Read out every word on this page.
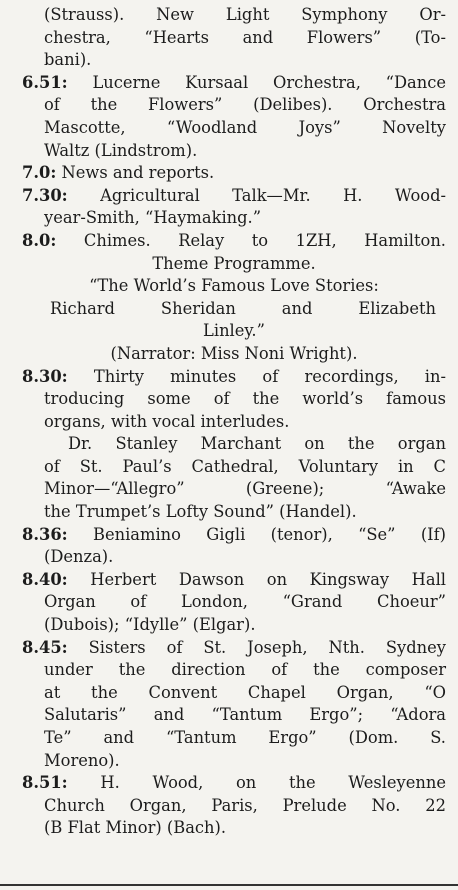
(Strauss). New Light Symphony Or-
chestra, “Hearts and Flowers” (To-
bani).
6.51: Lucerne Kursaal Orchestra, “Dance
of the Flowers” (Delibes). Orchestra
Mascotte, “Woodland Joys” Novelty
Waltz (Lindstrom).
7.0: News and reports.
7.30: Agricultural Talk—Mr. H. Wood-
year-Smith, “Haymaking.”
8.0: Chimes. Relay to 1ZH, Hamilton.
Theme Programme.
“The World’s Famous Love Stories:
Richard Sheridan and Elizabeth
Linley.”
(Narrator: Miss Noni Wright).
8.30: Thirty minutes of recordings, in-
troducing some of the world’s famous
organs, with vocal interludes.
Dr. Stanley Marchant on the organ
of St. Paul’s Cathedral, Voluntary in C
Minor—“Allegro” (Greene); “Awake
the Trumpet’s Lofty Sound” (Handel).
8.36: Beniamino Gigli (tenor), “Se” (If)
(Denza).
8.40: Herbert Dawson on Kingsway Hall
Organ of London, “Grand Choeur”
(Dubois); “Idylle” (Elgar).
8.45: Sisters of St. Joseph, Nth. Sydney
under the direction of the composer
at the Convent Chapel Organ, “O
Salutaris” and “Tantum Ergo”; “Adora
Te” and “Tantum Ergo” (Dom. S.
Moreno).
8.51: H. Wood, on the Wesleyenne
Church Organ, Paris, Prelude No. 22
(B Flat Minor) (Bach).
